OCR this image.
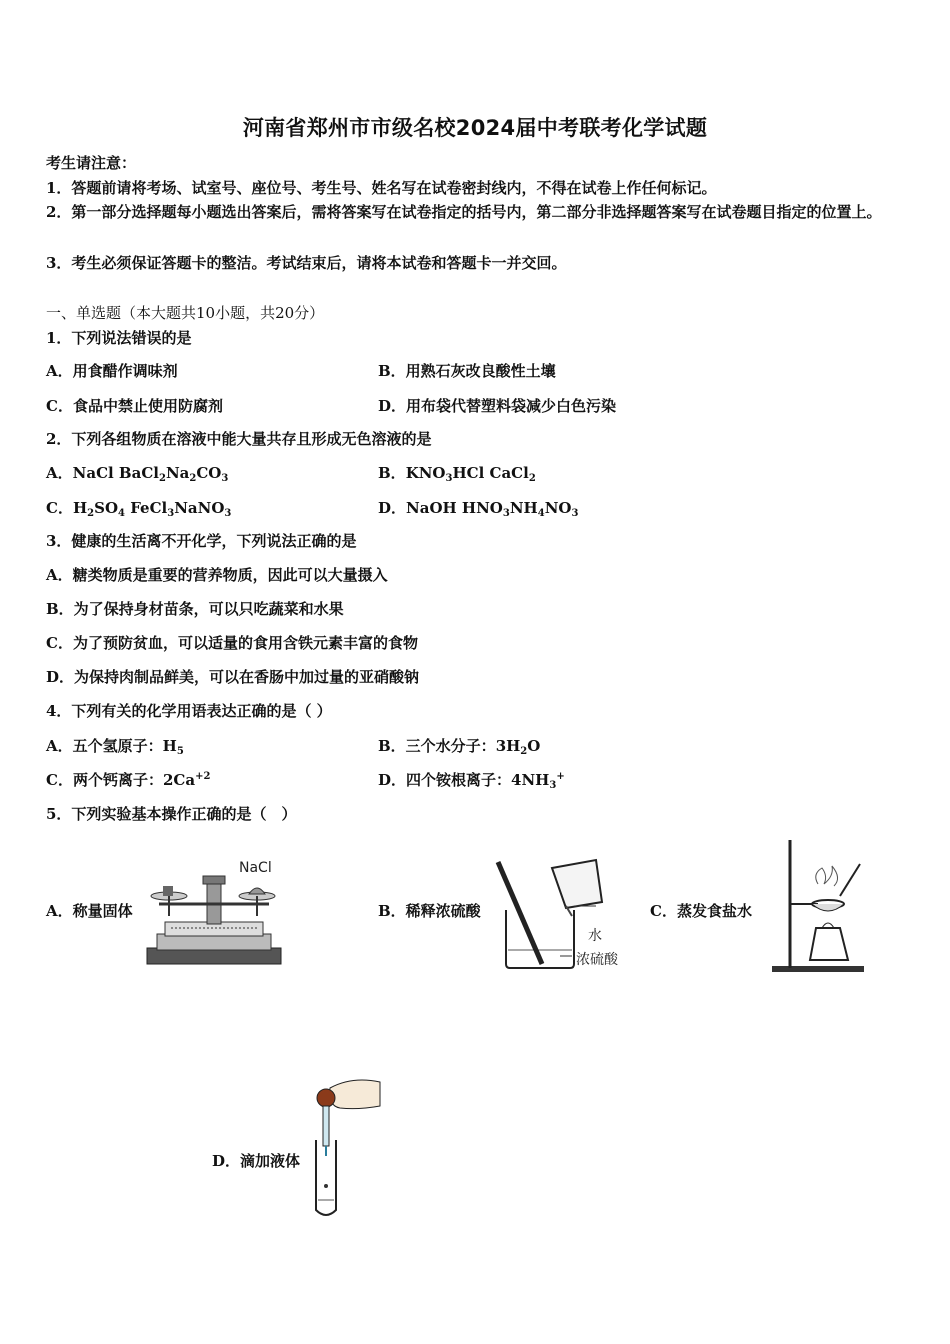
河南省郑州市市级名校2024届中考联考化学试题
考生请注意：
1．答题前请将考场、试室号、座位号、考生号、姓名写在试卷密封线内，不得在试卷上作任何标记。
2．第一部分选择题每小题选出答案后，需将答案写在试卷指定的括号内，第二部分非选择题答案写在试卷题目指定的位置上。
3．考生必须保证答题卡的整洁。考试结束后，请将本试卷和答题卡一并交回。
一、单选题（本大题共10小题，共20分）
1．下列说法错误的是
A．用食醋作调味剂	B．用熟石灰改良酸性土壤
C．食品中禁止使用防腐剂	D．用布袋代替塑料袋减少白色污染
2．下列各组物质在溶液中能大量共存且形成无色溶液的是
A．NaCl $BaCl_2Na_2CO_3$	B．$KNO_3HCl$ CaCl$_2$
C．$H_2SO_4$ FeCl$_3$NaNO$_3$	D．NaOH $HNO_3NH_4NO_3$
3．健康的生活离不开化学，下列说法正确的是
A．糖类物质是重要的营养物质，因此可以大量摄入
B．为了保持身材苗条，可以只吃蔬菜和水果
C．为了预防贫血，可以适量的食用含铁元素丰富的食物
D．为保持肉制品鲜美，可以在香肠中加过量的亚硝酸钠
4．下列有关的化学用语表达正确的是（ ）
A．五个氢原子：$H_5$	B．三个水分子：$3H_2O$
C．两个钙离子：$2Ca^{+2}$	D．四个铵根离子：$4NH_3^+$
5．下列实验基本操作正确的是（　）
A．称量固体	B．稀释浓硫酸	C．蒸发食盐水
D．滴加液体
NaCl
水
浓硫酸
